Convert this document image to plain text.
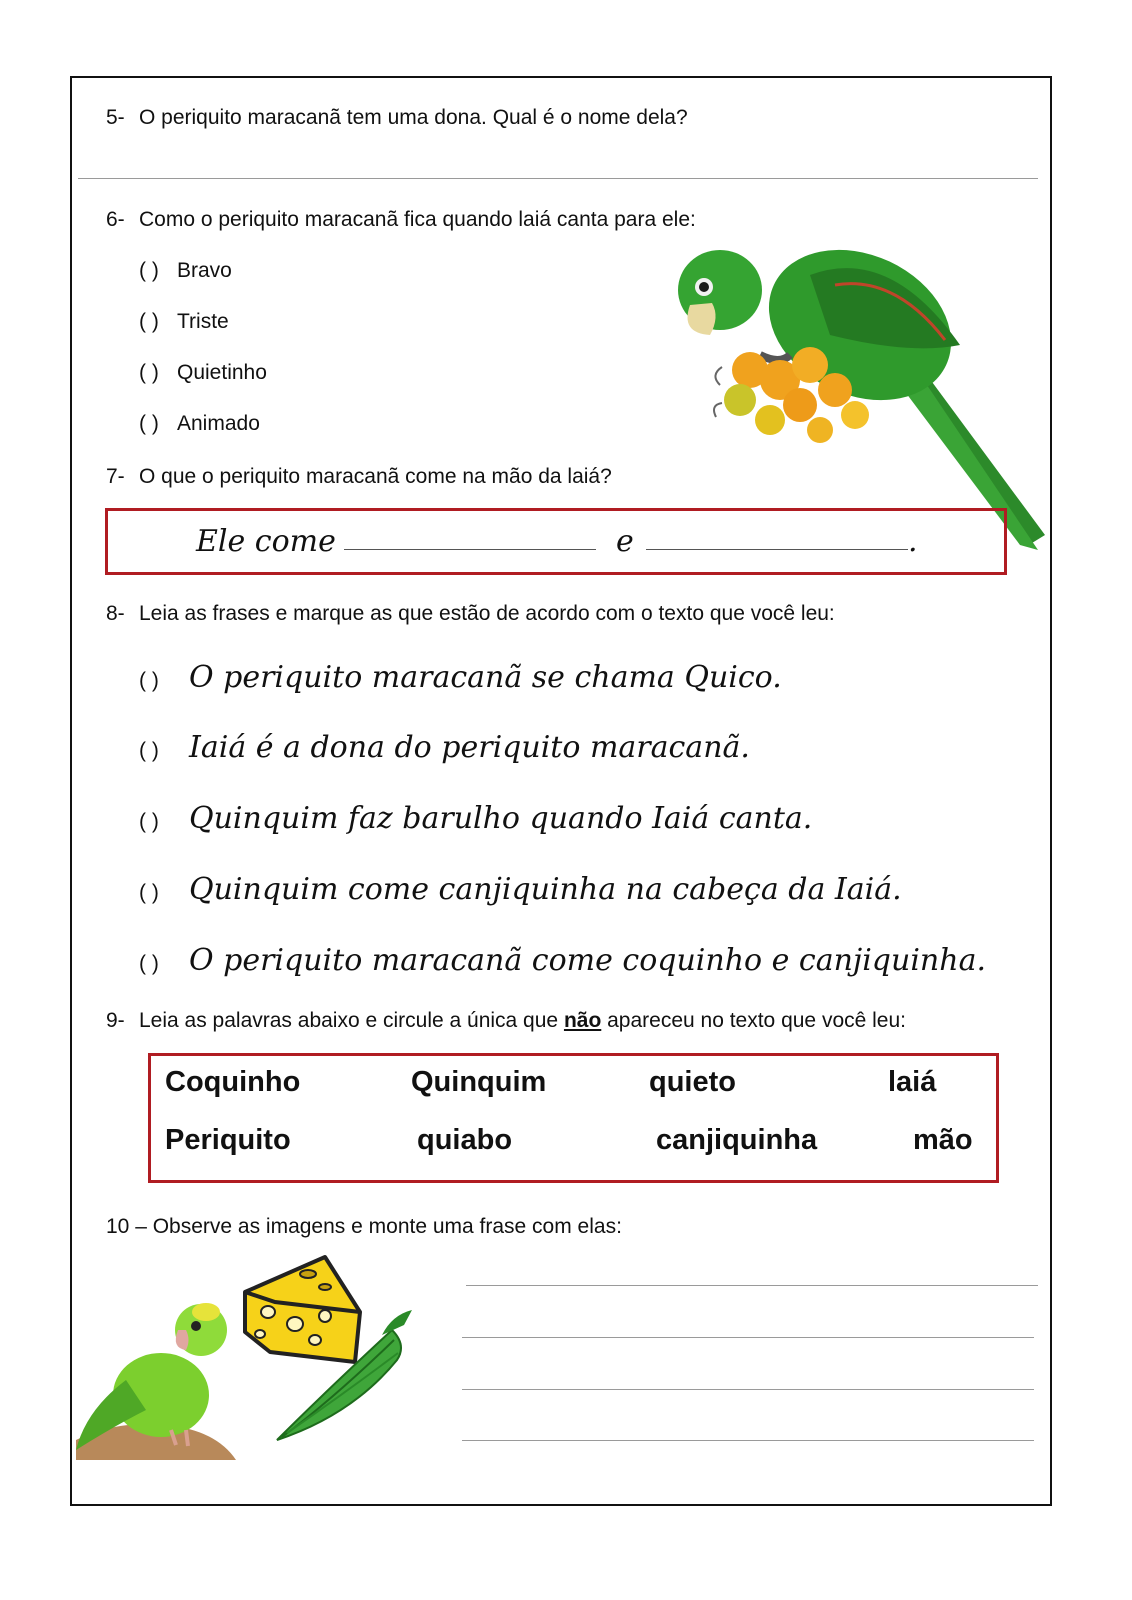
5- O periquito maracanã tem uma dona. Qual é o nome dela?
6- Como o periquito maracanã fica quando laiá canta para ele:
( ) Bravo
( ) Triste
( ) Quietinho
( ) Animado
7- O que o periquito maracanã come na mão da laiá?
Ele come	e	.
8- Leia as frases e marque as que estão de acordo com o texto que você leu:
( ) O periquito maracanã se chama Quico.
( ) Iaiá é a dona do periquito maracanã.
( ) Quinquim faz barulho quando Iaiá canta.
( ) Quinquim come canjiquinha na cabeça da Iaiá.
( ) O periquito maracanã come coquinho e canjiquinha.
9- Leia as palavras abaixo e circule a única que não apareceu no texto que você leu:
Coquinho	Quinquim	quieto	laiá
Periquito	quiabo	canjiquinha	mão
10 – Observe as imagens e monte uma frase com elas:
